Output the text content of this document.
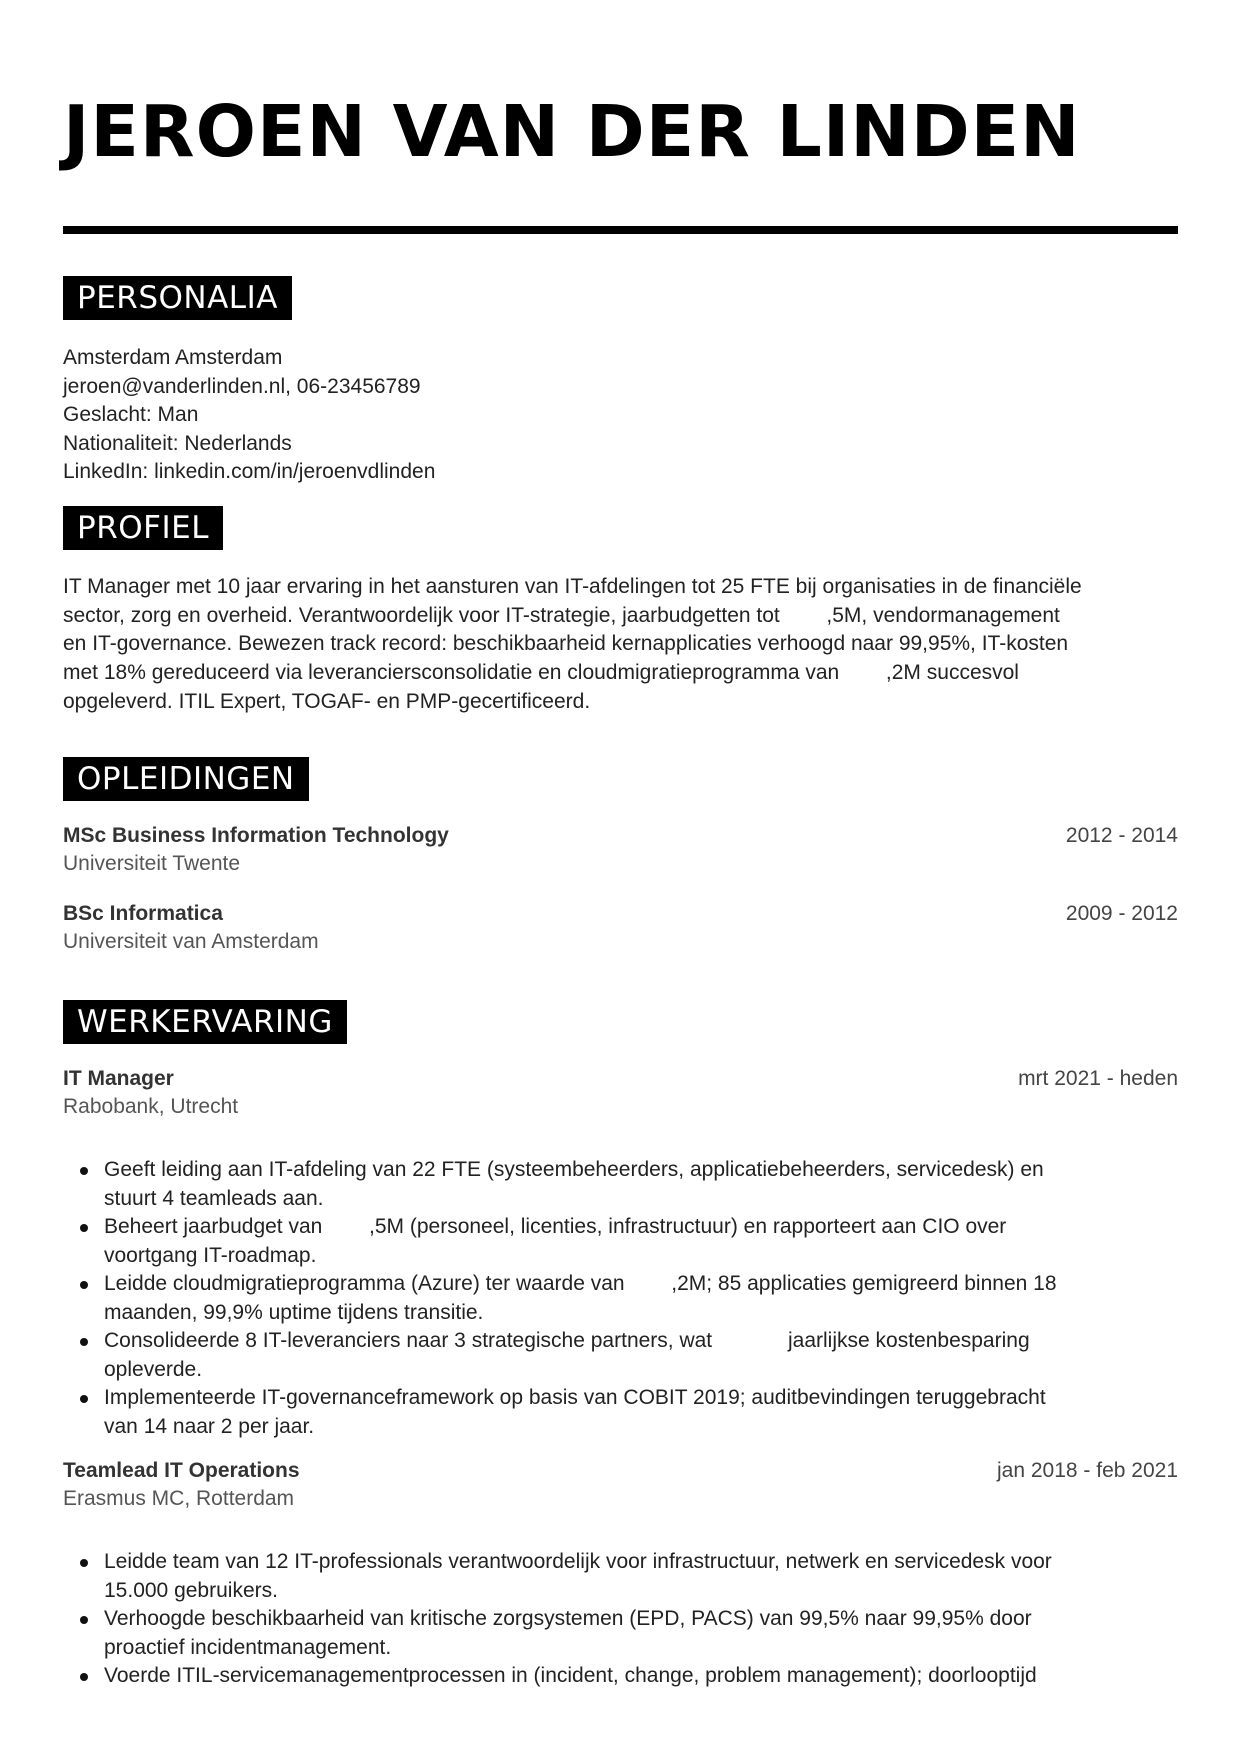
JEROEN VAN DER LINDEN
PERSONALIA
Amsterdam Amsterdam
jeroen@vanderlinden.nl, 06-23456789
Geslacht: Man
Nationaliteit: Nederlands
LinkedIn: linkedin.com/in/jeroenvdlinden
PROFIEL
IT Manager met 10 jaar ervaring in het aansturen van IT-afdelingen tot 25 FTE bij organisaties in de financiële
sector, zorg en overheid. Verantwoordelijk voor IT-strategie, jaarbudgetten tot        ,5M, vendormanagement
en IT-governance. Bewezen track record: beschikbaarheid kernapplicaties verhoogd naar 99,95%, IT-kosten
met 18% gereduceerd via leveranciersconsolidatie en cloudmigratieprogramma van        ,2M succesvol
opgeleverd. ITIL Expert, TOGAF- en PMP-gecertificeerd.
OPLEIDINGEN
MSc Business Information Technology	2012 - 2014
Universiteit Twente
BSc Informatica	2009 - 2012
Universiteit van Amsterdam
WERKERVARING
IT Manager	mrt 2021 - heden
Rabobank, Utrecht
Geeft leiding aan IT-afdeling van 22 FTE (systeembeheerders, applicatiebeheerders, servicedesk) en
stuurt 4 teamleads aan.
Beheert jaarbudget van        ,5M (personeel, licenties, infrastructuur) en rapporteert aan CIO over
voortgang IT-roadmap.
Leidde cloudmigratieprogramma (Azure) ter waarde van        ,2M; 85 applicaties gemigreerd binnen 18
maanden, 99,9% uptime tijdens transitie.
Consolideerde 8 IT-leveranciers naar 3 strategische partners, wat             jaarlijkse kostenbesparing
opleverde.
Implementeerde IT-governanceframework op basis van COBIT 2019; auditbevindingen teruggebracht
van 14 naar 2 per jaar.
Teamlead IT Operations	jan 2018 - feb 2021
Erasmus MC, Rotterdam
Leidde team van 12 IT-professionals verantwoordelijk voor infrastructuur, netwerk en servicedesk voor
15.000 gebruikers.
Verhoogde beschikbaarheid van kritische zorgsystemen (EPD, PACS) van 99,5% naar 99,95% door
proactief incidentmanagement.
Voerde ITIL-servicemanagementprocessen in (incident, change, problem management); doorlooptijd
